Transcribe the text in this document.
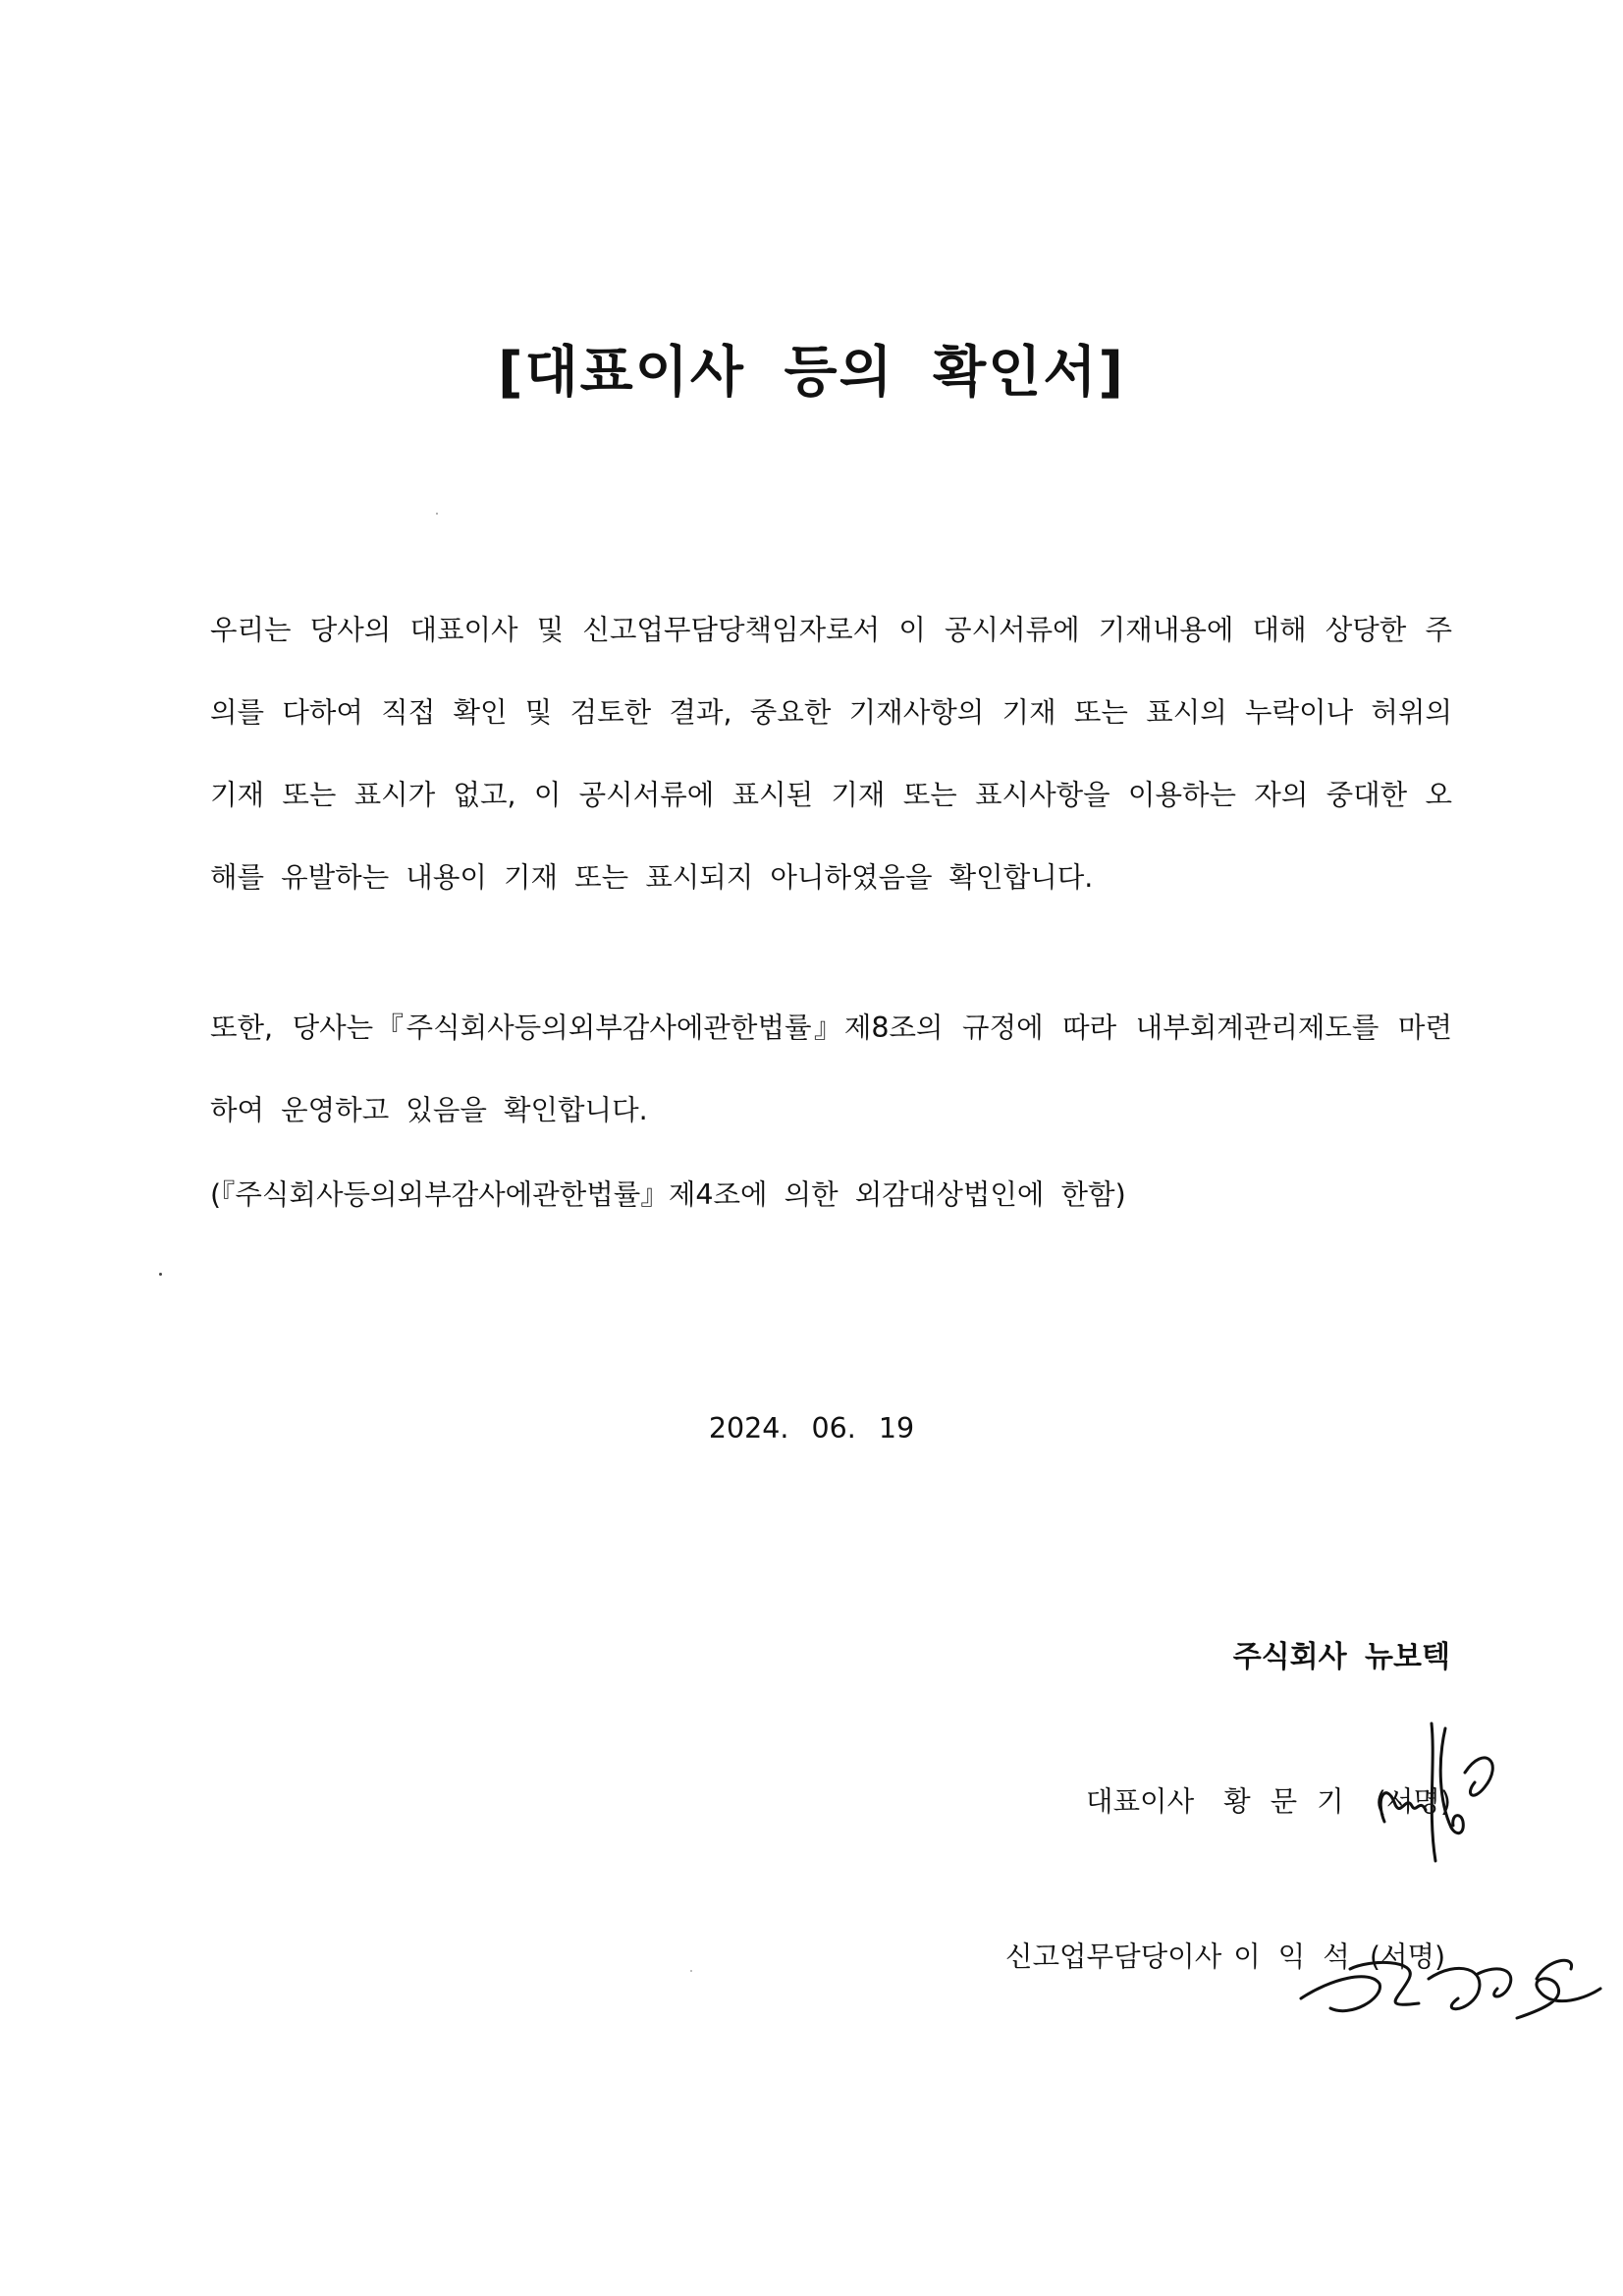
[대표이사 등의 확인서]
우리는 당사의 대표이사 및 신고업무담당책임자로서 이 공시서류에 기재내용에 대해 상당한 주의를 다하여 직접 확인 및 검토한 결과, 중요한 기재사항의 기재 또는 표시의 누락이나 허위의 기재 또는 표시가 없고, 이 공시서류에 표시된 기재 또는 표시사항을 이용하는 자의 중대한 오해를 유발하는 내용이 기재 또는 표시되지 아니하였음을 확인합니다.
또한, 당사는『주식회사등의외부감사에관한법률』제8조의 규정에 따라 내부회계관리제도를 마련하여 운영하고 있음을 확인합니다.
(『주식회사등의외부감사에관한법률』제4조에 의한 외감대상법인에 한함)
2024. 06. 19
주식회사 뉴보텍
대표이사 황문기 (서명)
신고업무담당이사 이익석(서명)
